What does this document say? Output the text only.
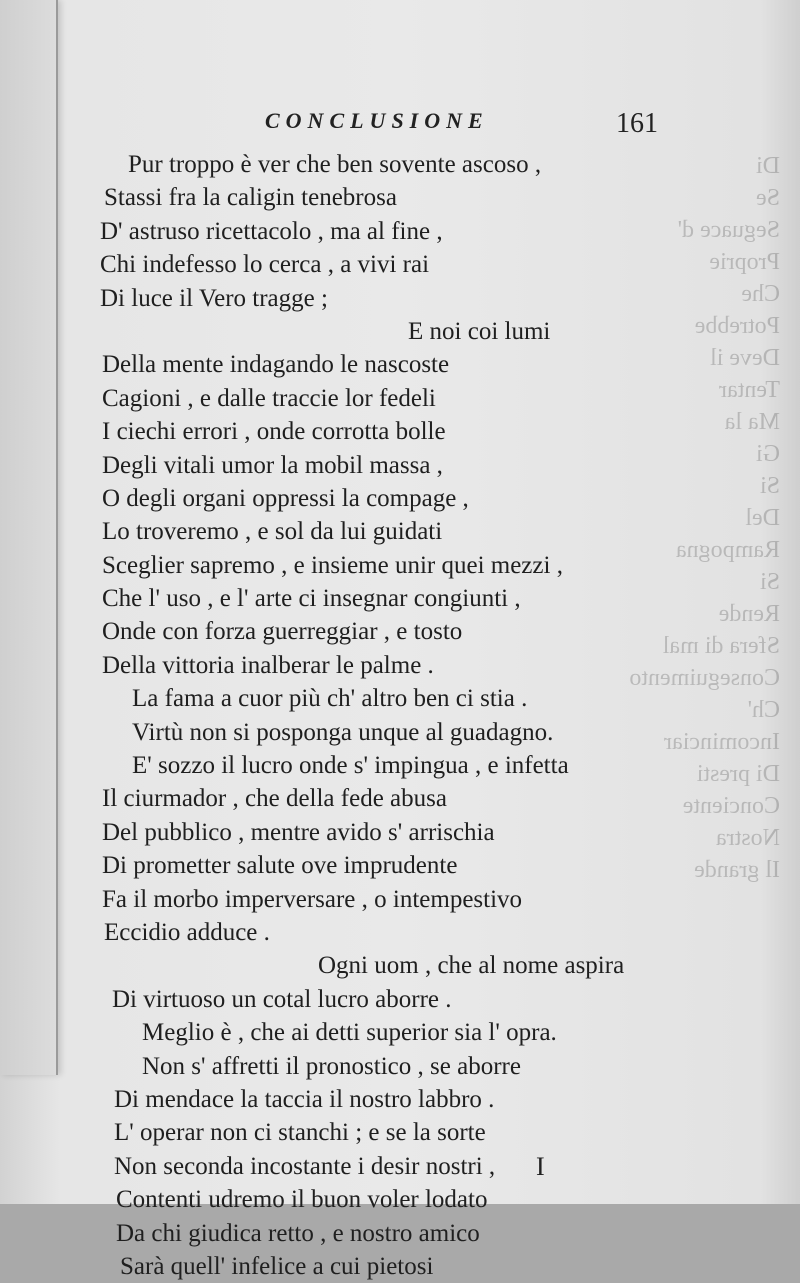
Di
Se
Seguace d'
Proprie
Che
Potrebbe
Deve il
Tentar
Ma la
Gi
Si
Del
Rampogna
Si
Rende
Sfera di mal
Conseguimento
Ch'
Incominciar
Di presti
Conciente
Nostra
Il grande
CONCLUSIONE	161
Pur troppo è ver che ben sovente ascoso ,
Stassi fra la caligin tenebrosa
D' astruso ricettacolo , ma al fine ,
Chi indefesso lo cerca , a vivi rai
Di luce il Vero tragge ;
E noi coi lumi
Della mente indagando le nascoste
Cagioni , e dalle traccie lor fedeli
I ciechi errori , onde corrotta bolle
Degli vitali umor la mobil massa ,
O degli organi oppressi la compage ,
Lo troveremo , e sol da lui guidati
Sceglier sapremo , e insieme unir quei mezzi ,
Che l' uso , e l' arte ci insegnar congiunti ,
Onde con forza guerreggiar , e tosto
Della vittoria inalberar le palme .
La fama a cuor più ch' altro ben ci stia .
Virtù non si posponga unque al guadagno.
E' sozzo il lucro onde s' impingua , e infetta
Il ciurmador , che della fede abusa
Del pubblico , mentre avido s' arrischia
Di prometter salute ove imprudente
Fa il morbo imperversare , o intempestivo
Eccidio adduce .
Ogni uom , che al nome aspira
Di virtuoso un cotal lucro aborre .
Meglio è , che ai detti superior sia l' opra.
Non s' affretti il pronostico , se aborre
Di mendace la taccia il nostro labbro .
L' operar non ci stanchi ; e se la sorte
Non seconda incostante i desir nostri ,
Contenti udremo il buon voler lodato
Da chi giudica retto , e nostro amico
Sarà quell' infelice a cui pietosi
I
